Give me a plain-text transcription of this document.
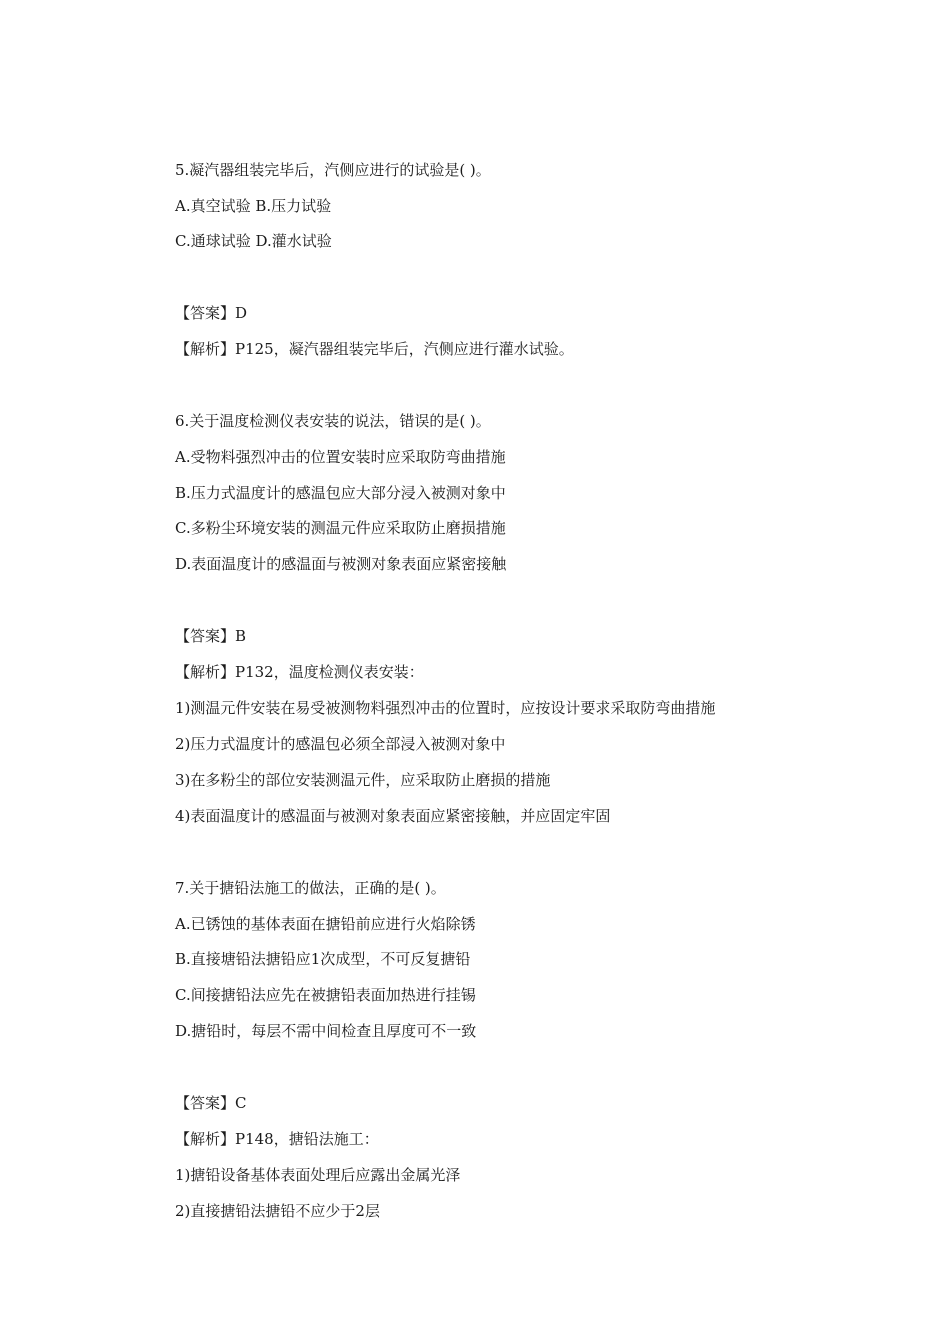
5.凝汽器组装完毕后，汽侧应进行的试验是( )。
A.真空试验 B.压力试验
C.通球试验 D.灌水试验
【答案】D
【解析】P125，凝汽器组装完毕后，汽侧应进行灌水试验。
6.关于温度检测仪表安装的说法，错误的是( )。
A.受物料强烈冲击的位置安装时应采取防弯曲措施
B.压力式温度计的感温包应大部分浸入被测对象中
C.多粉尘环境安装的测温元件应采取防止磨损措施
D.表面温度计的感温面与被测对象表面应紧密接触
【答案】B
【解析】P132，温度检测仪表安装：
1)测温元件安装在易受被测物料强烈冲击的位置时，应按设计要求采取防弯曲措施
2)压力式温度计的感温包必须全部浸入被测对象中
3)在多粉尘的部位安装测温元件，应采取防止磨损的措施
4)表面温度计的感温面与被测对象表面应紧密接触，并应固定牢固
7.关于搪铅法施工的做法，正确的是( )。
A.已锈蚀的基体表面在搪铅前应进行火焰除锈
B.直接塘铅法搪铅应1次成型，不可反复搪铅
C.间接搪铅法应先在被搪铅表面加热进行挂锡
D.搪铅时，每层不需中间检查且厚度可不一致
【答案】C
【解析】P148，搪铅法施工：
1)搪铅设备基体表面处理后应露出金属光泽
2)直接搪铅法搪铅不应少于2层
